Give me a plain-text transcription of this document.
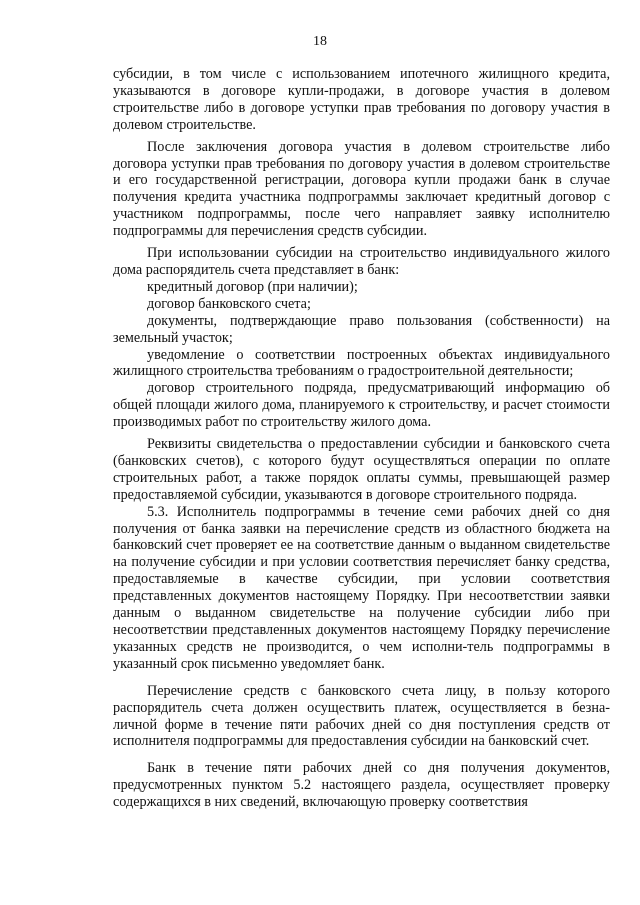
18

субсидии, в том числе с использованием ипотечного жилищного кредита, указываются в договоре купли-продажи, в договоре участия в долевом строительстве либо в договоре уступки прав требования по договору участия в долевом строительстве.

После заключения договора участия в долевом строительстве либо договора уступки прав требования по договору участия в долевом строительстве и его государственной регистрации, договора купли продажи банк в случае получения кредита участника подпрограммы заключает кредитный договор с участником подпрограммы, после чего направляет заявку исполнителю подпрограммы для перечисления средств субсидии.

При использовании субсидии на строительство индивидуального жилого дома распорядитель счета представляет в банк:

кредитный договор (при наличии);

договор банковского счета;

документы, подтверждающие право пользования (собственности) на земельный участок;

уведомление о соответствии построенных объектах индивидуального жилищного строительства требованиям о градостроительной деятельности;

договор строительного подряда, предусматривающий информацию об общей площади жилого дома, планируемого к строительству, и расчет стоимости производимых работ по строительству жилого дома.

Реквизиты свидетельства о предоставлении субсидии и банковского счета (банковских счетов), с которого будут осуществляться операции по оплате строительных работ, а также порядок оплаты суммы, превышающей размер предоставляемой субсидии, указываются в договоре строительного подряда.

5.3. Исполнитель подпрограммы в течение семи рабочих дней со дня получения от банка заявки на перечисление средств из областного бюджета на банковский счет проверяет ее на соответствие данным о выданном свидетельстве на получение субсидии и при условии соответствия перечисляет банку средства, предоставляемые в качестве субсидии, при условии соответствия представленных документов настоящему Порядку. При несоответствии заявки данным о выданном свидетельстве на получение субсидии либо при несоответствии представленных документов настоящему Порядку перечисление указанных средств не производится, о чем исполни-тель подпрограммы в указанный срок письменно уведомляет банк.

Перечисление средств с банковского счета лицу, в пользу которого распорядитель счета должен осуществить платеж, осуществляется в безна-личной форме в течение пяти рабочих дней со дня поступления средств от исполнителя подпрограммы для предоставления субсидии на банковский счет.

Банк в течение пяти рабочих дней со дня получения документов, предусмотренных пунктом 5.2 настоящего раздела, осуществляет проверку содержащихся в них сведений, включающую проверку соответствия
